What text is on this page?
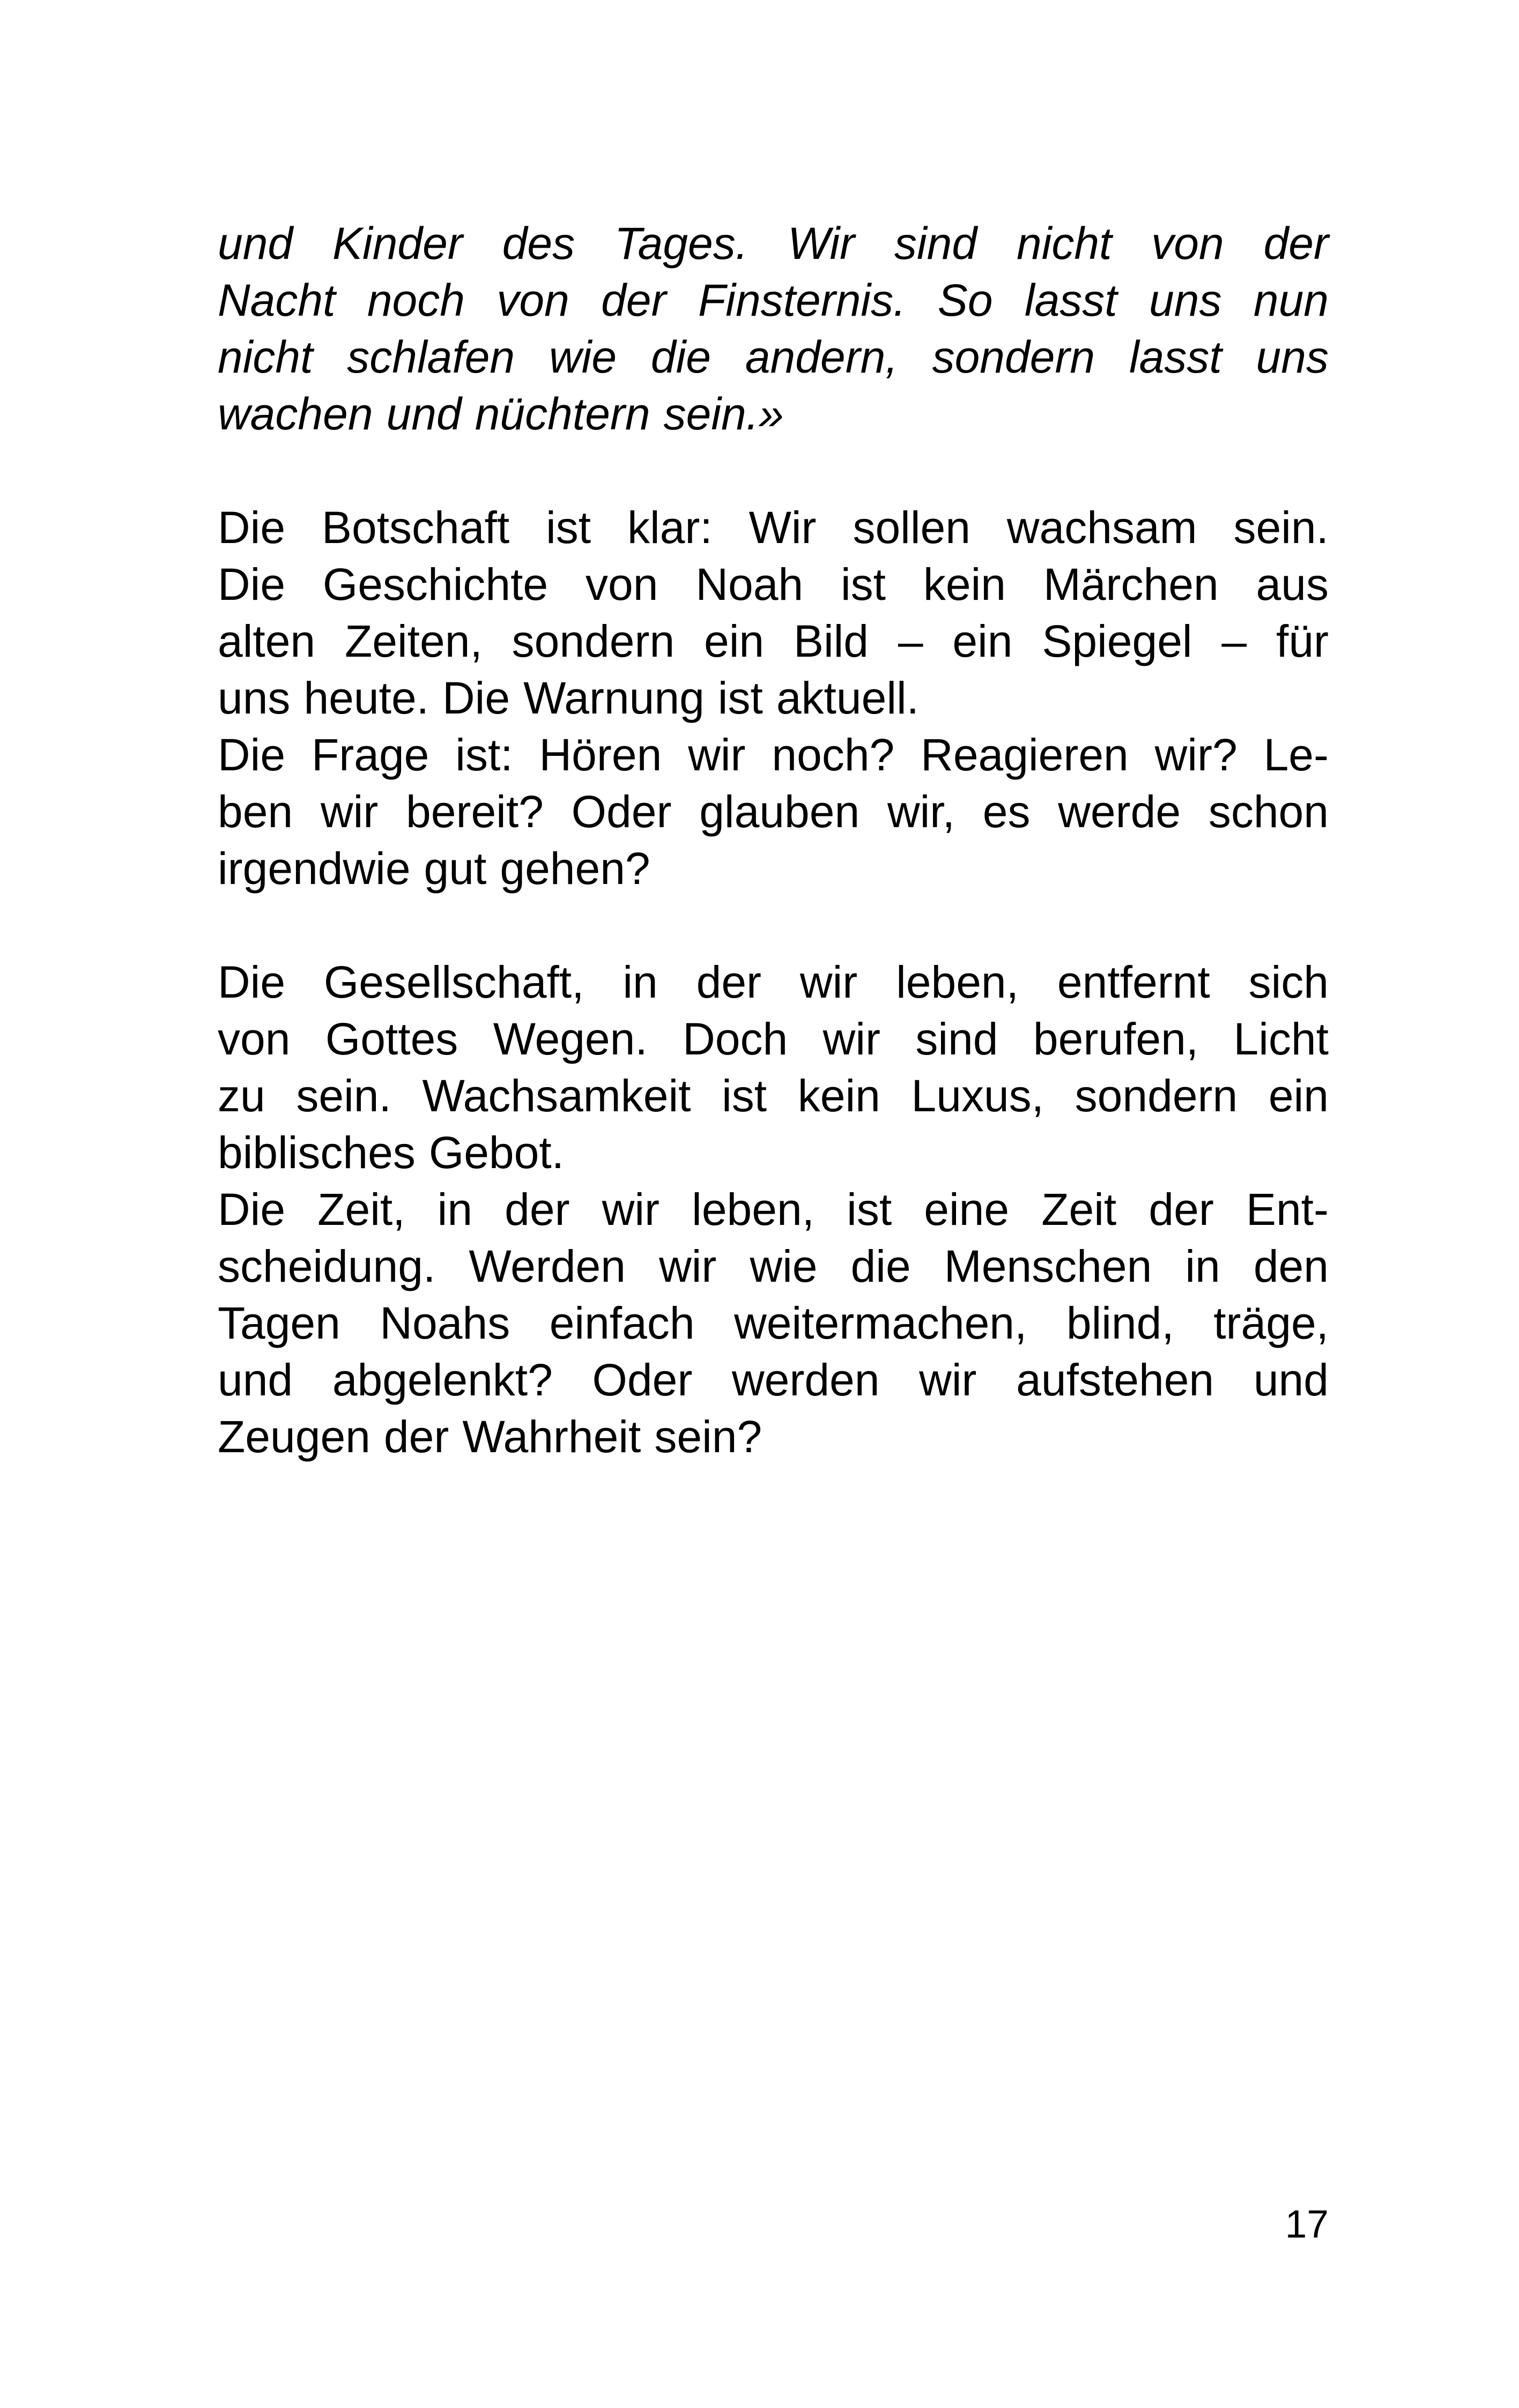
und Kinder des Tages. Wir sind nicht von der
Nacht noch von der Finsternis. So lasst uns nun
nicht schlafen wie die andern, sondern lasst uns
wachen und nüchtern sein.»
Die Botschaft ist klar: Wir sollen wachsam sein.
Die Geschichte von Noah ist kein Märchen aus
alten Zeiten, sondern ein Bild – ein Spiegel – für
uns heute. Die Warnung ist aktuell.
Die Frage ist: Hören wir noch? Reagieren wir? Le-
ben wir bereit? Oder glauben wir, es werde schon
irgendwie gut gehen?
Die Gesellschaft, in der wir leben, entfernt sich
von Gottes Wegen. Doch wir sind berufen, Licht
zu sein. Wachsamkeit ist kein Luxus, sondern ein
biblisches Gebot.
Die Zeit, in der wir leben, ist eine Zeit der Ent-
scheidung. Werden wir wie die Menschen in den
Tagen Noahs einfach weitermachen, blind, träge,
und abgelenkt? Oder werden wir aufstehen und
Zeugen der Wahrheit sein?
17
